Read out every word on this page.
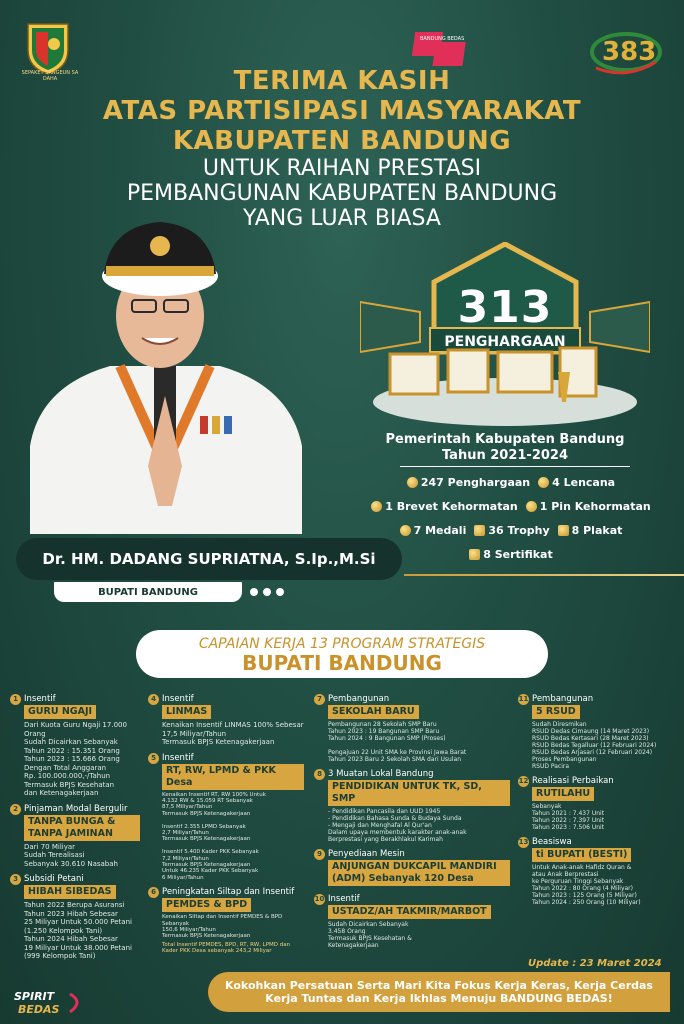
SEPAKET SANGEUN SA DAHA
BANDUNG BEDAS	383
TERIMA KASIH
ATAS PARTISIPASI MASYARAKAT
KABUPATEN BANDUNG
UNTUK RAIHAN PRESTASI
PEMBANGUNAN KABUPATEN BANDUNG
YANG LUAR BIASA
313
PENGHARGAAN
Pemerintah Kabupaten Bandung
Tahun 2021-2024
247 Penghargaan 4 Lencana
1 Brevet Kehormatan 1 Pin Kehormatan
7 Medali 36 Trophy 8 Plakat
8 Sertifikat
Dr. HM. DADANG SUPRIATNA, S.Ip.,M.Si
BUPATI BANDUNG
CAPAIAN KERJA 13 PROGRAM STRATEGIS
BUPATI BANDUNG
1 Insentif
GURU NGAJI
Dari Kuota Guru Ngaji 17.000 Orang
Sudah Dicairkan Sebanyak
Tahun 2022 : 15.351 Orang
Tahun 2023 : 15.666 Orang
Dengan Total Anggaran
Rp. 100.000.000,-/Tahun
Termasuk BPJS Kesehatan
dan Ketenagakerjaan
2 Pinjaman Modal Bergulir
TANPA BUNGA & TANPA JAMINAN
Dari 70 Miliyar
Sudah Terealisasi
Sebanyak 30.610 Nasabah
3 Subsidi Petani
HIBAH SIBEDAS
Tahun 2022 Berupa Asuransi
Tahun 2023 Hibah Sebesar
25 Miliyar Untuk 50.000 Petani
(1.250 Kelompok Tani)
Tahun 2024 Hibah Sebesar
19 Miliyar Untuk 38.000 Petani
(999 Kelompok Tani)
4 Insentif
LINMAS
Kenaikan Insentif LINMAS 100% Sebesar
17,5 Miliyar/Tahun
Termasuk BPJS Ketenagakerjaan
5 Insentif
RT, RW, LPMD & PKK Desa
Kenaikan Insentif RT, RW 100% Untuk
4.132 RW & 15.059 RT Sebanyak
87,5 Miliyar/Tahun
Termasuk BPJS Ketenagakerjaan

Insentif 2.355 LPMD Sebanyak
2,7 Miliyar/Tahun
Termasuk BPJS Ketenagakerjaan

Insentif 5.400 Kader PKK Sebanyak
7,2 Miliyar/Tahun
Termasuk BPJS Ketenagakerjaan
Untuk 46.235 Kader PKK Sebanyak
6 Miliyar/Tahun
6 Peningkatan Siltap dan Insentif
PEMDES & BPD
Kenaikan Siltap dan Insentif PEMDES & BPD
Sebanyak
150,6 Miliyar/Tahun
Termasuk BPJS Ketenagakerjaan
Total Insentif PEMDES, BPD, RT, RW, LPMD dan
Kader PKK Desa sebanyak 243,2 Miliyar
7 Pembangunan
SEKOLAH BARU
Pembangunan 28 Sekolah SMP Baru
Tahun 2023 : 19 Bangunan SMP Baru
Tahun 2024 : 9 Bangunan SMP (Proses)

Pengajuan 22 Unit SMA ke Provinsi Jawa Barat
Tahun 2023 Baru 2 Sekolah SMA dari Usulan
8 3 Muatan Lokal Bandung
PENDIDIKAN UNTUK TK, SD, SMP
- Pendidikan Pancasila dan UUD 1945
- Pendidikan Bahasa Sunda & Budaya Sunda
- Mengaji dan Menghafal Al Qur'an
Dalam upaya membentuk karakter anak-anak
Berprestasi yang Berakhlakul Karimah
9 Penyediaan Mesin
ANJUNGAN DUKCAPIL MANDIRI (ADM) Sebanyak 120 Desa
10 Insentif
USTADZ/AH TAKMIR/MARBOT
Sudah Dicairkan Sebanyak
3.458 Orang
Termasuk BPJS Kesehatan &
Ketenagakerjaan
11 Pembangunan
5 RSUD
Sudah Diresmikan
RSUD Dedas Cimaung (14 Maret 2023)
RSUD Bedas Kertasari (28 Maret 2023)
RSUD Bedas Tegalluar (12 Februari 2024)
RSUD Bedas Arjasari (12 Februari 2024)
Proses Pembangunan
RSUD Pacira
12 Realisasi Perbaikan
RUTILAHU
Sebanyak
Tahun 2021 : 7.437 Unit
Tahun 2022 : 7.397 Unit
Tahun 2023 : 7.506 Unit
13 Beasiswa
ti BUPATI (BESTI)
Untuk Anak-anak Hafidz Quran &
atau Anak Berprestasi
ke Perguruan Tinggi Sebanyak
Tahun 2022 : 80 Orang (4 Miliyar)
Tahun 2023 : 125 Orang (5 Miliyar)
Tahun 2024 : 250 Orang (10 Miliyar)
Update : 23 Maret 2024
Kokohkan Persatuan Serta Mari Kita Fokus Kerja Keras, Kerja Cerdas Kerja Tuntas dan Kerja Ikhlas Menuju BANDUNG BEDAS!
SPIRIT
BEDAS
